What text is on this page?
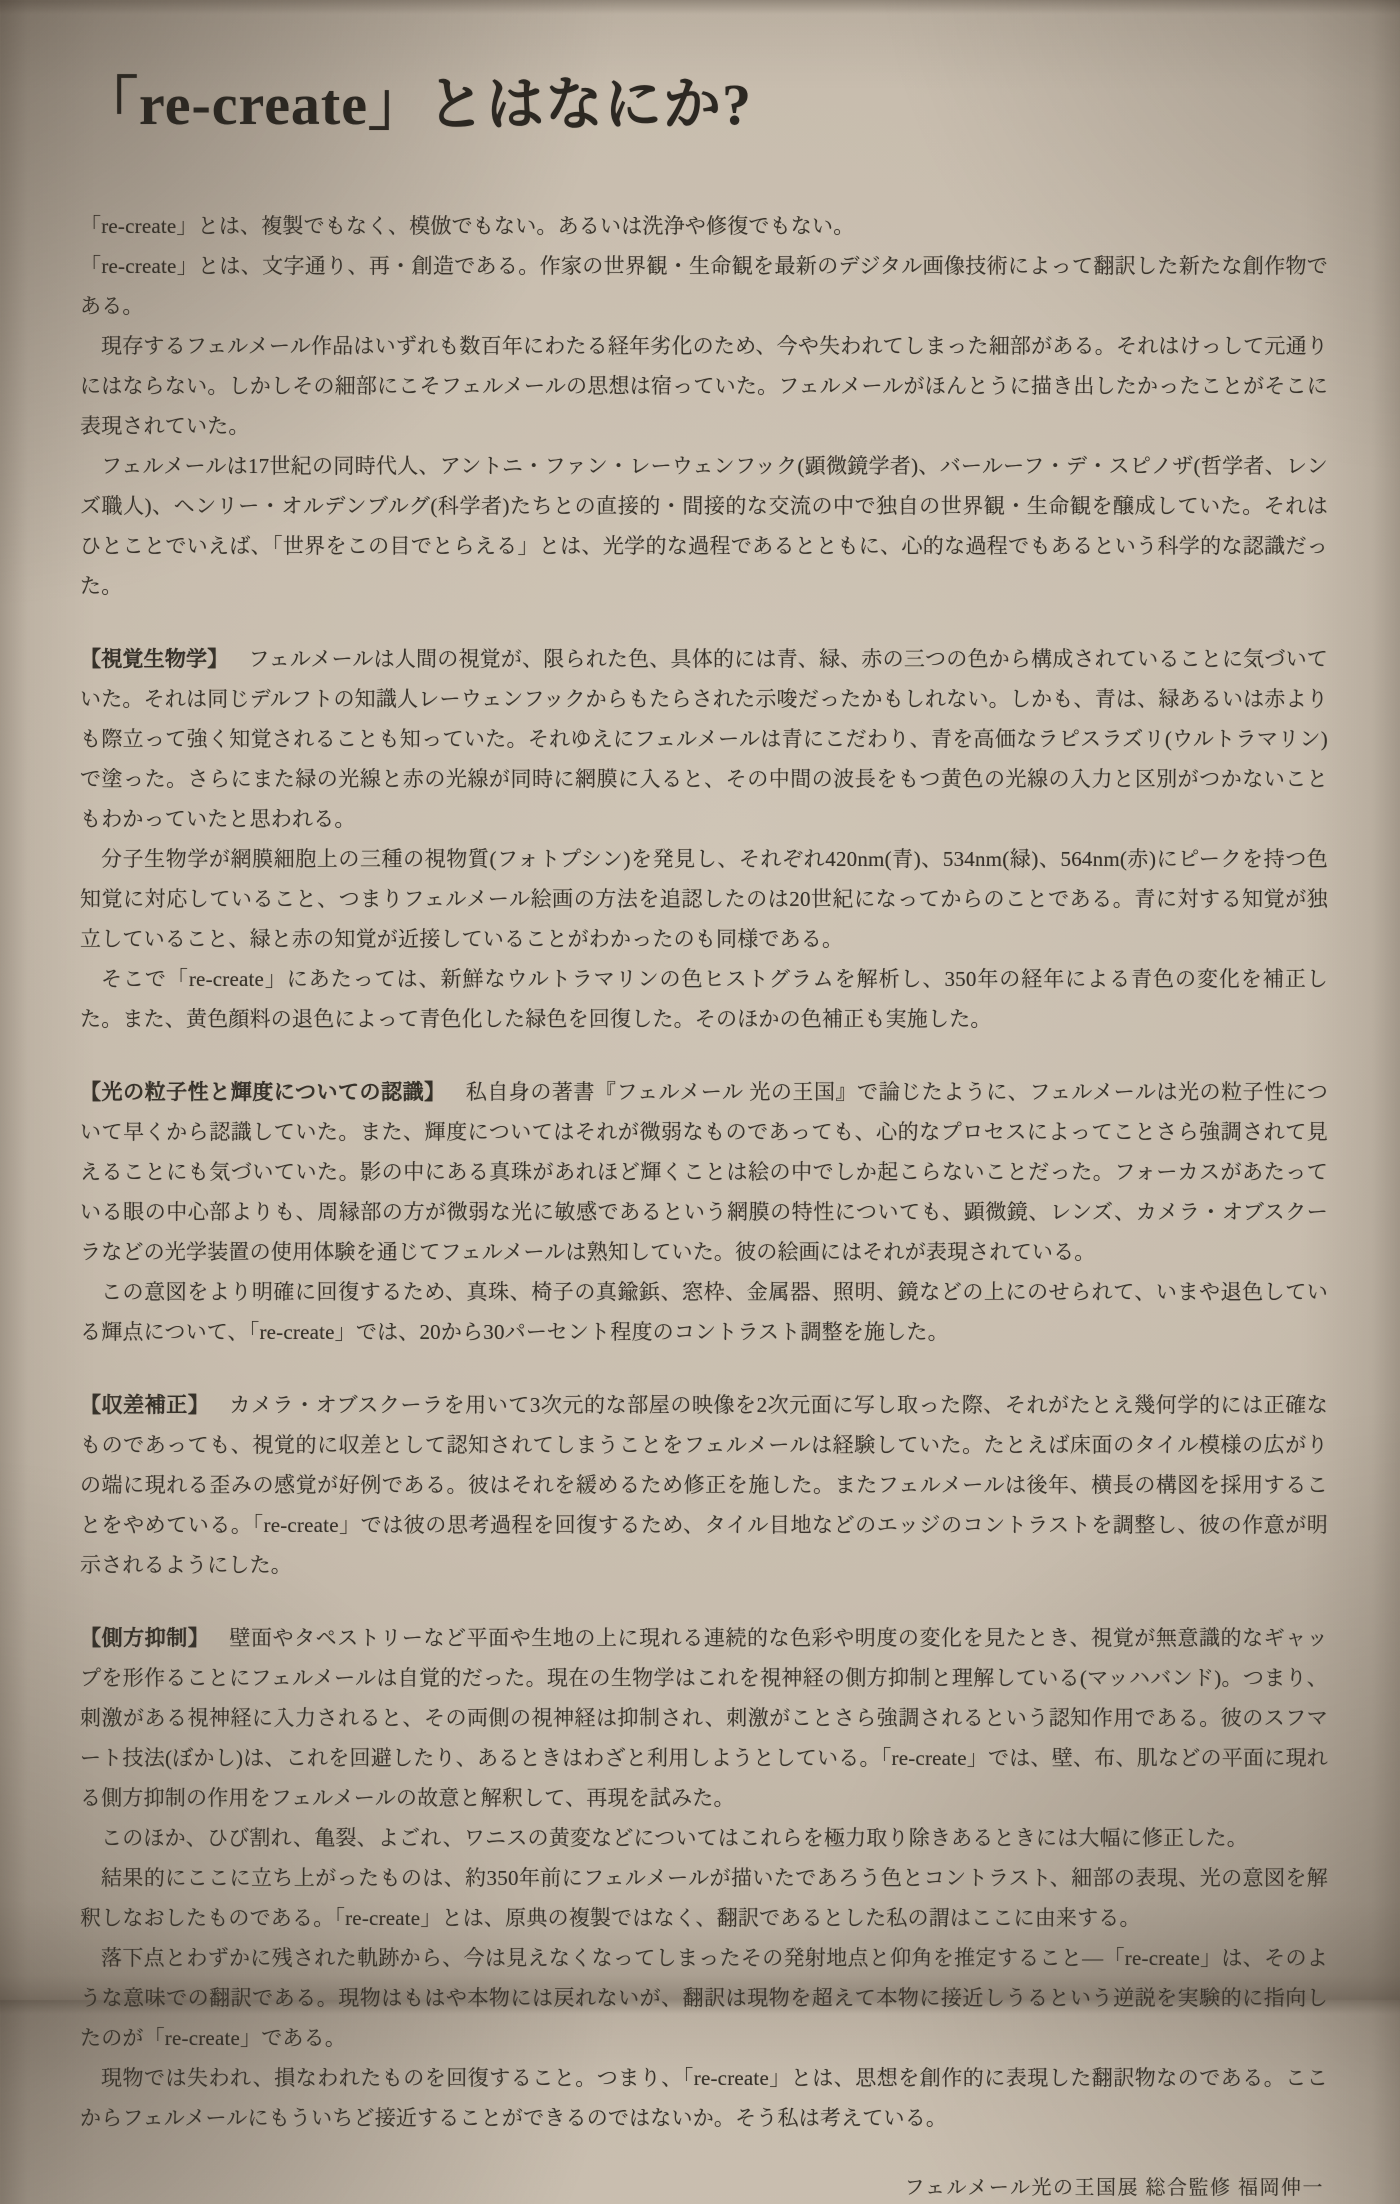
「re-create」とはなにか?

「re-create」とは、複製でもなく、模倣でもない。あるいは洗浄や修復でもない。

「re-create」とは、文字通り、再・創造である。作家の世界観・生命観を最新のデジタル画像技術によって翻訳した新たな創作物である。

現存するフェルメール作品はいずれも数百年にわたる経年劣化のため、今や失われてしまった細部がある。それはけっして元通りにはならない。しかしその細部にこそフェルメールの思想は宿っていた。フェルメールがほんとうに描き出したかったことがそこに表現されていた。

フェルメールは17世紀の同時代人、アントニ・ファン・レーウェンフック(顕微鏡学者)、バールーフ・デ・スピノザ(哲学者、レンズ職人)、ヘンリー・オルデンブルグ(科学者)たちとの直接的・間接的な交流の中で独自の世界観・生命観を醸成していた。それはひとことでいえば、「世界をこの目でとらえる」とは、光学的な過程であるとともに、心的な過程でもあるという科学的な認識だった。

【視覚生物学】 フェルメールは人間の視覚が、限られた色、具体的には青、緑、赤の三つの色から構成されていることに気づいていた。それは同じデルフトの知識人レーウェンフックからもたらされた示唆だったかもしれない。しかも、青は、緑あるいは赤よりも際立って強く知覚されることも知っていた。それゆえにフェルメールは青にこだわり、青を高価なラピスラズリ(ウルトラマリン)で塗った。さらにまた緑の光線と赤の光線が同時に網膜に入ると、その中間の波長をもつ黄色の光線の入力と区別がつかないこともわかっていたと思われる。

分子生物学が網膜細胞上の三種の視物質(フォトプシン)を発見し、それぞれ420nm(青)、534nm(緑)、564nm(赤)にピークを持つ色知覚に対応していること、つまりフェルメール絵画の方法を追認したのは20世紀になってからのことである。青に対する知覚が独立していること、緑と赤の知覚が近接していることがわかったのも同様である。

そこで「re-create」にあたっては、新鮮なウルトラマリンの色ヒストグラムを解析し、350年の経年による青色の変化を補正した。また、黄色顔料の退色によって青色化した緑色を回復した。そのほかの色補正も実施した。

【光の粒子性と輝度についての認識】 私自身の著書『フェルメール 光の王国』で論じたように、フェルメールは光の粒子性について早くから認識していた。また、輝度についてはそれが微弱なものであっても、心的なプロセスによってことさら強調されて見えることにも気づいていた。影の中にある真珠があれほど輝くことは絵の中でしか起こらないことだった。フォーカスがあたっている眼の中心部よりも、周縁部の方が微弱な光に敏感であるという網膜の特性についても、顕微鏡、レンズ、カメラ・オブスクーラなどの光学装置の使用体験を通じてフェルメールは熟知していた。彼の絵画にはそれが表現されている。

この意図をより明確に回復するため、真珠、椅子の真鍮鋲、窓枠、金属器、照明、鏡などの上にのせられて、いまや退色している輝点について、「re-create」では、20から30パーセント程度のコントラスト調整を施した。

【収差補正】 カメラ・オブスクーラを用いて3次元的な部屋の映像を2次元面に写し取った際、それがたとえ幾何学的には正確なものであっても、視覚的に収差として認知されてしまうことをフェルメールは経験していた。たとえば床面のタイル模様の広がりの端に現れる歪みの感覚が好例である。彼はそれを緩めるため修正を施した。またフェルメールは後年、横長の構図を採用することをやめている。「re-create」では彼の思考過程を回復するため、タイル目地などのエッジのコントラストを調整し、彼の作意が明示されるようにした。

【側方抑制】 壁面やタペストリーなど平面や生地の上に現れる連続的な色彩や明度の変化を見たとき、視覚が無意識的なギャップを形作ることにフェルメールは自覚的だった。現在の生物学はこれを視神経の側方抑制と理解している(マッハバンド)。つまり、刺激がある視神経に入力されると、その両側の視神経は抑制され、刺激がことさら強調されるという認知作用である。彼のスフマート技法(ぼかし)は、これを回避したり、あるときはわざと利用しようとしている。「re-create」では、壁、布、肌などの平面に現れる側方抑制の作用をフェルメールの故意と解釈して、再現を試みた。

このほか、ひび割れ、亀裂、よごれ、ワニスの黄変などについてはこれらを極力取り除きあるときには大幅に修正した。

結果的にここに立ち上がったものは、約350年前にフェルメールが描いたであろう色とコントラスト、細部の表現、光の意図を解釈しなおしたものである。「re-create」とは、原典の複製ではなく、翻訳であるとした私の謂はここに由来する。

落下点とわずかに残された軌跡から、今は見えなくなってしまったその発射地点と仰角を推定すること—「re-create」は、そのような意味での翻訳である。現物はもはや本物には戻れないが、翻訳は現物を超えて本物に接近しうるという逆説を実験的に指向したのが「re-create」である。

現物では失われ、損なわれたものを回復すること。つまり、「re-create」とは、思想を創作的に表現した翻訳物なのである。ここからフェルメールにもういちど接近することができるのではないか。そう私は考えている。

フェルメール光の王国展 総合監修 福岡伸一
